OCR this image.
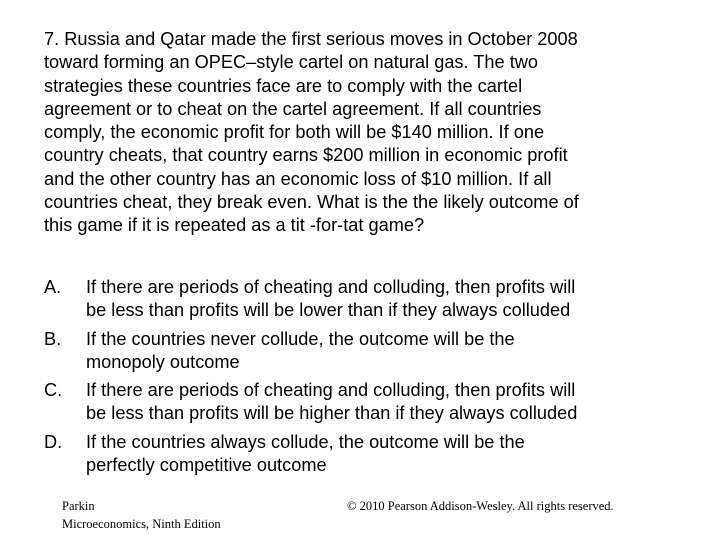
7. Russia and Qatar made the first serious moves in October 2008
toward forming an OPEC–style cartel on natural gas. The two
strategies these countries face are to comply with the cartel
agreement or to cheat on the cartel agreement. If all countries
comply, the economic profit for both will be $140 million. If one
country cheats, that country earns $200 million in economic profit
and the other country has an economic loss of $10 million. If all
countries cheat, they break even. What is the the likely outcome of
this game if it is repeated as a tit -for-tat game?

A. If there are periods of cheating and colluding, then profits will
be less than profits will be lower than if they always colluded
B. If the countries never collude, the outcome will be the
monopoly outcome
C. If there are periods of cheating and colluding, then profits will
be less than profits will be higher than if they always colluded
D. If the countries always collude, the outcome will be the
perfectly competitive outcome
Parkin
Microeconomics, Ninth Edition
© 2010 Pearson Addison-Wesley. All rights reserved.
